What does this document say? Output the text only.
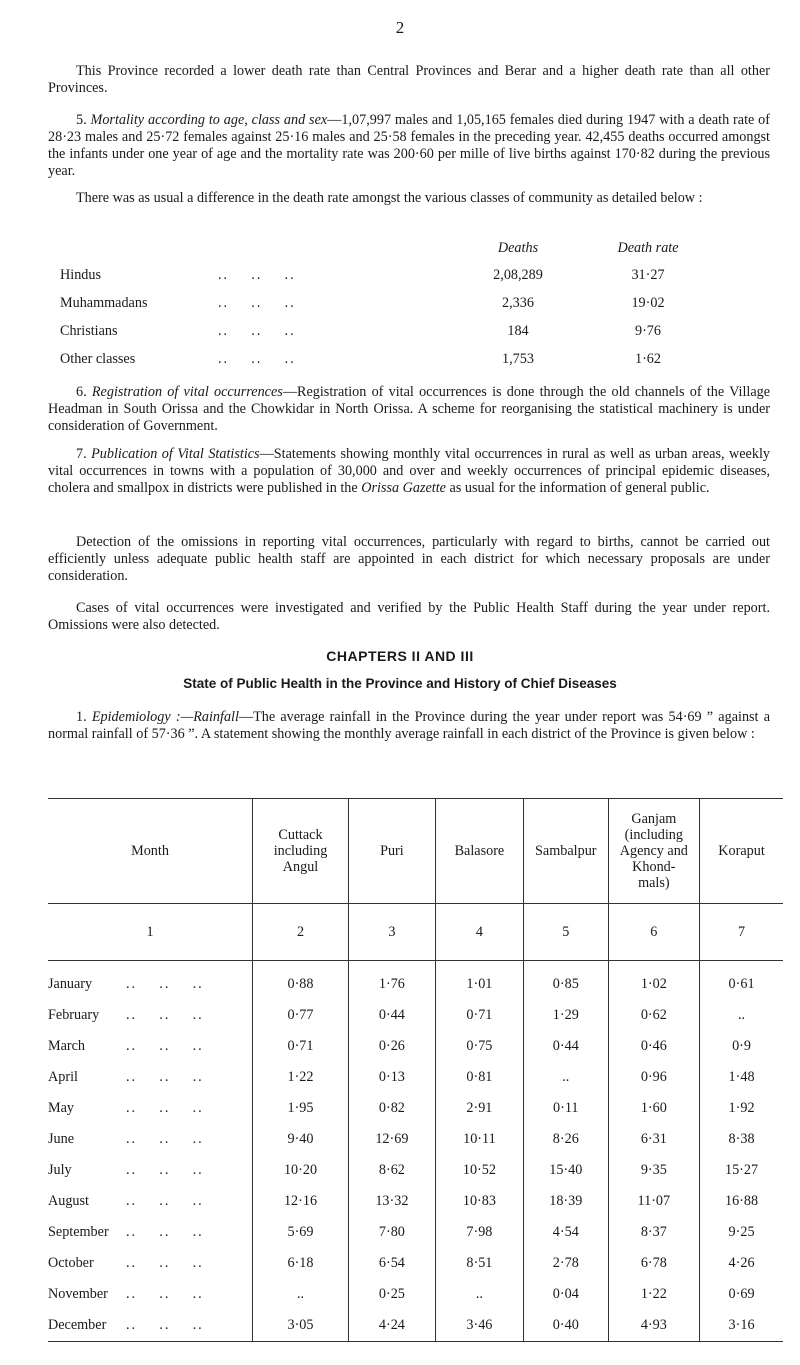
2

This Province recorded a lower death rate than Central Provinces and Berar and a higher death rate than all other Provinces.

5. Mortality according to age, class and sex—1,07,997 males and 1,05,165 females died during 1947 with a death rate of 28·23 males and 25·72 females against 25·16 males and 25·58 females in the preceding year. 42,455 deaths occurred amongst the infants under one year of age and the mortality rate was 200·60 per mille of live births against 170·82 during the previous year.

There was as usual a difference in the death rate amongst the various classes of community as detailed below :

Deaths	Death rate
Hindus	..    ..    ..	2,08,289	31·27
Muhammadans	..    ..    ..	2,336	19·02
Christians	..    ..    ..	184	9·76
Other classes	..    ..    ..	1,753	1·62

6. Registration of vital occurrences—Registration of vital occurrences is done through the old channels of the Village Headman in South Orissa and the Chowkidar in North Orissa. A scheme for reorganising the statistical machinery is under consideration of Government.

7. Publication of Vital Statistics—Statements showing monthly vital occurrences in rural as well as urban areas, weekly vital occurrences in towns with a population of 30,000 and over and weekly occurrences of principal epidemic diseases, cholera and smallpox in districts were published in the Orissa Gazette as usual for the information of general public.

Detection of the omissions in reporting vital occurrences, particularly with regard to births, cannot be carried out efficiently unless adequate public health staff are appointed in each district for which necessary proposals are under consideration.

Cases of vital occurrences were investigated and verified by the Public Health Staff during the year under report. Omissions were also detected.

CHAPTERS II AND III
State of Public Health in the Province and History of Chief Diseases

1. Epidemiology :—Rainfall—The average rainfall in the Province during the year under report was 54·69 ” against a normal rainfall of 57·36 ”. A statement showing the monthly average rainfall in each district of the Province is given below :

Month	Cuttack including Angul	Puri	Balasore	Sambalpur	Ganjam (including Agency and Khond-mals)	Koraput
1	2	3	4	5	6	7
January ..    ..    ..	0·88	1·76	1·01	0·85	1·02	0·61
February ..    ..    ..	0·77	0·44	0·71	1·29	0·62	..
March ..    ..    ..	0·71	0·26	0·75	0·44	0·46	0·9
April ..    ..    ..	1·22	0·13	0·81	..	0·96	1·48
May ..    ..    ..	1·95	0·82	2·91	0·11	1·60	1·92
June ..    ..    ..	9·40	12·69	10·11	8·26	6·31	8·38
July ..    ..    ..	10·20	8·62	10·52	15·40	9·35	15·27
August ..    ..    ..	12·16	13·32	10·83	18·39	11·07	16·88
September ..    ..    ..	5·69	7·80	7·98	4·54	8·37	9·25
October ..    ..    ..	6·18	6·54	8·51	2·78	6·78	4·26
November ..    ..    ..	..	0·25	..	0·04	1·22	0·69
December ..    ..    ..	3·05	4·24	3·46	0·40	4·93	3·16
